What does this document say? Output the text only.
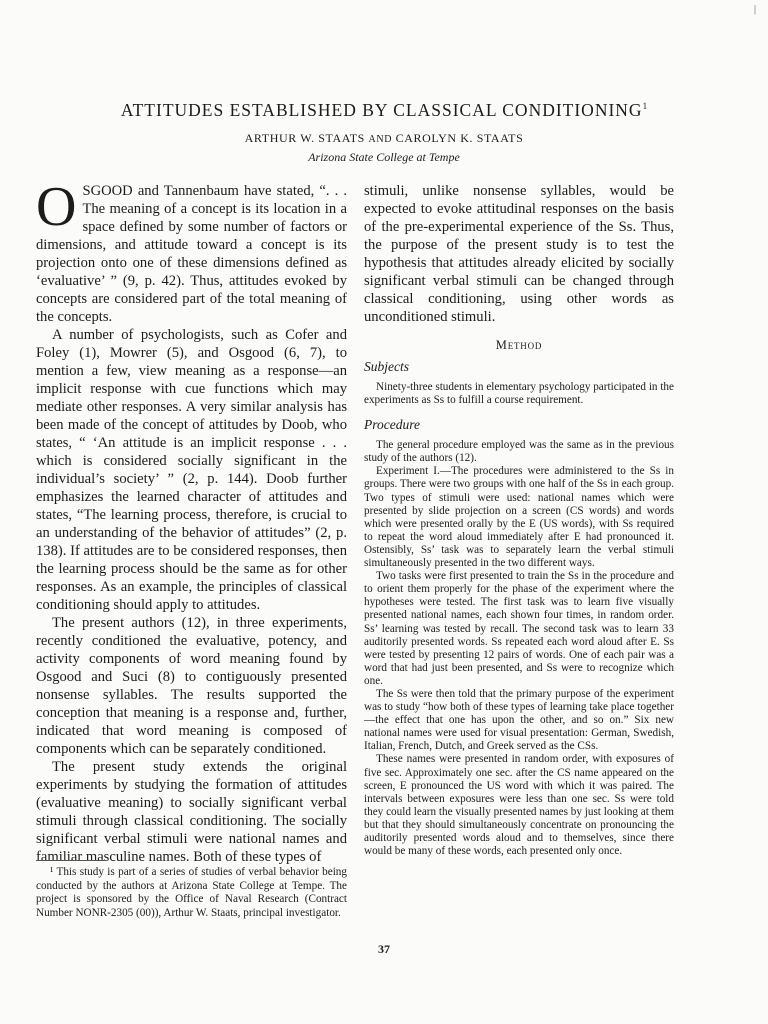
|
ATTITUDES ESTABLISHED BY CLASSICAL CONDITIONING$^1$
ARTHUR W. STAATS AND CAROLYN K. STAATS
Arizona State College at Tempe

OSGOOD and Tannenbaum have stated, “. . . The meaning of a concept is its location in a space defined by some number of factors or dimensions, and attitude toward a concept is its projection onto one of these dimensions defined as ‘evaluative’ ” (9, p. 42). Thus, attitudes evoked by concepts are considered part of the total meaning of the concepts.

A number of psychologists, such as Cofer and Foley (1), Mowrer (5), and Osgood (6, 7), to mention a few, view meaning as a response—an implicit response with cue functions which may mediate other responses. A very similar analysis has been made of the concept of attitudes by Doob, who states, “ ‘An attitude is an implicit response . . . which is considered socially significant in the individual’s society’ ” (2, p. 144). Doob further emphasizes the learned character of attitudes and states, “The learning process, therefore, is crucial to an understanding of the behavior of attitudes” (2, p. 138). If attitudes are to be considered responses, then the learning process should be the same as for other responses. As an example, the principles of classical conditioning should apply to attitudes.

The present authors (12), in three experiments, recently conditioned the evaluative, potency, and activity components of word meaning found by Osgood and Suci (8) to contiguously presented nonsense syllables. The results supported the conception that meaning is a response and, further, indicated that word meaning is composed of components which can be separately conditioned.

The present study extends the original experiments by studying the formation of attitudes (evaluative meaning) to socially significant verbal stimuli through classical conditioning. The socially significant verbal stimuli were national names and familiar masculine names. Both of these types of

¹ This study is part of a series of studies of verbal behavior being conducted by the authors at Arizona State College at Tempe. The project is sponsored by the Office of Naval Research (Contract Number NONR-2305 (00)), Arthur W. Staats, principal investigator.

stimuli, unlike nonsense syllables, would be expected to evoke attitudinal responses on the basis of the pre-experimental experience of the Ss. Thus, the purpose of the present study is to test the hypothesis that attitudes already elicited by socially significant verbal stimuli can be changed through classical conditioning, using other words as unconditioned stimuli.

Method
Subjects

Ninety-three students in elementary psychology participated in the experiments as Ss to fulfill a course requirement.

Procedure

The general procedure employed was the same as in the previous study of the authors (12).

Experiment I.—The procedures were administered to the Ss in groups. There were two groups with one half of the Ss in each group. Two types of stimuli were used: national names which were presented by slide projection on a screen (CS words) and words which were presented orally by the E (US words), with Ss required to repeat the word aloud immediately after E had pronounced it. Ostensibly, Ss’ task was to separately learn the verbal stimuli simultaneously presented in the two different ways.

Two tasks were first presented to train the Ss in the procedure and to orient them properly for the phase of the experiment where the hypotheses were tested. The first task was to learn five visually presented national names, each shown four times, in random order. Ss’ learning was tested by recall. The second task was to learn 33 auditorily presented words. Ss repeated each word aloud after E. Ss were tested by presenting 12 pairs of words. One of each pair was a word that had just been presented, and Ss were to recognize which one.

The Ss were then told that the primary purpose of the experiment was to study “how both of these types of learning take place together—the effect that one has upon the other, and so on.” Six new national names were used for visual presentation: German, Swedish, Italian, French, Dutch, and Greek served as the CSs.

These names were presented in random order, with exposures of five sec. Approximately one sec. after the CS name appeared on the screen, E pronounced the US word with which it was paired. The intervals between exposures were less than one sec. Ss were told they could learn the visually presented names by just looking at them but that they should simultaneously concentrate on pronouncing the auditorily presented words aloud and to themselves, since there would be many of these words, each presented only once.

37
